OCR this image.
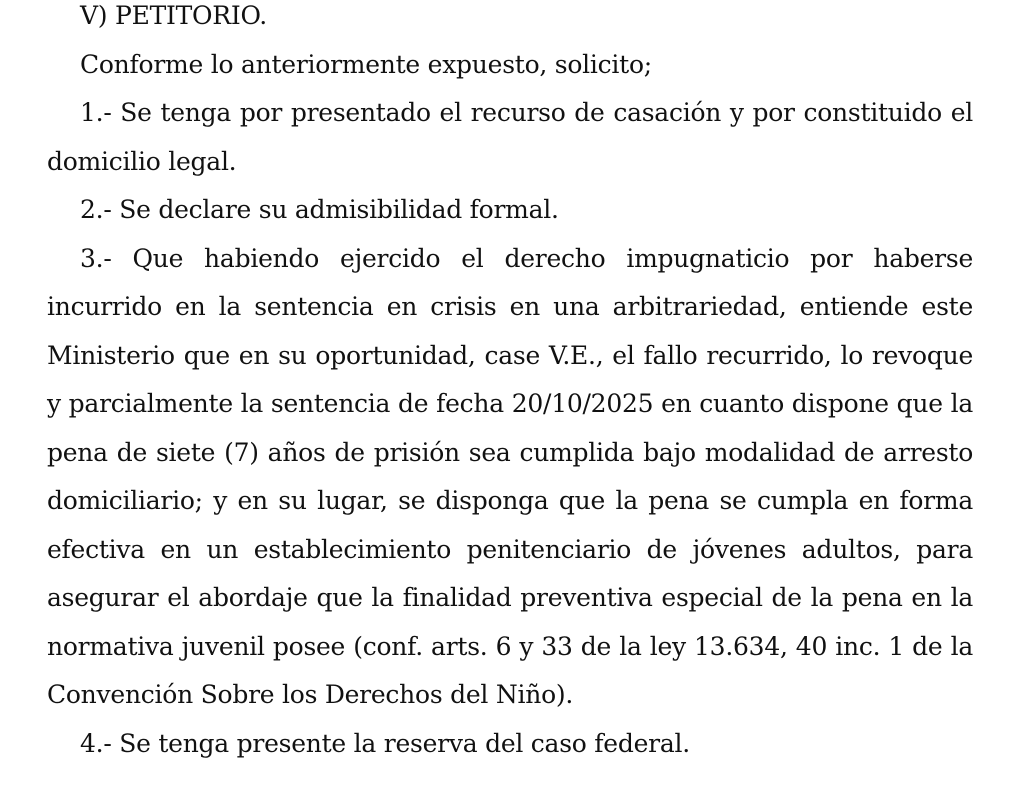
V) PETITORIO.

Conforme lo anteriormente expuesto, solicito;

1.- Se tenga por presentado el recurso de casación y por constituido el domicilio legal.

2.- Se declare su admisibilidad formal.

3.- Que habiendo ejercido el derecho impugnaticio por haberse incurrido en la sentencia en crisis en una arbitrariedad, entiende este Ministerio que en su oportunidad, case V.E., el fallo recurrido, lo revoque y parcialmente la sentencia de fecha 20/10/2025 en cuanto dispone que la pena de siete (7) años de prisión sea cumplida bajo modalidad de arresto domiciliario; y en su lugar, se disponga que la pena se cumpla en forma efectiva en un establecimiento penitenciario de jóvenes adultos, para asegurar el abordaje que la finalidad preventiva especial de la pena en la normativa juvenil posee (conf. arts. 6 y 33 de la ley 13.634, 40 inc. 1 de la Convención Sobre los Derechos del Niño).

4.- Se tenga presente la reserva del caso federal.
